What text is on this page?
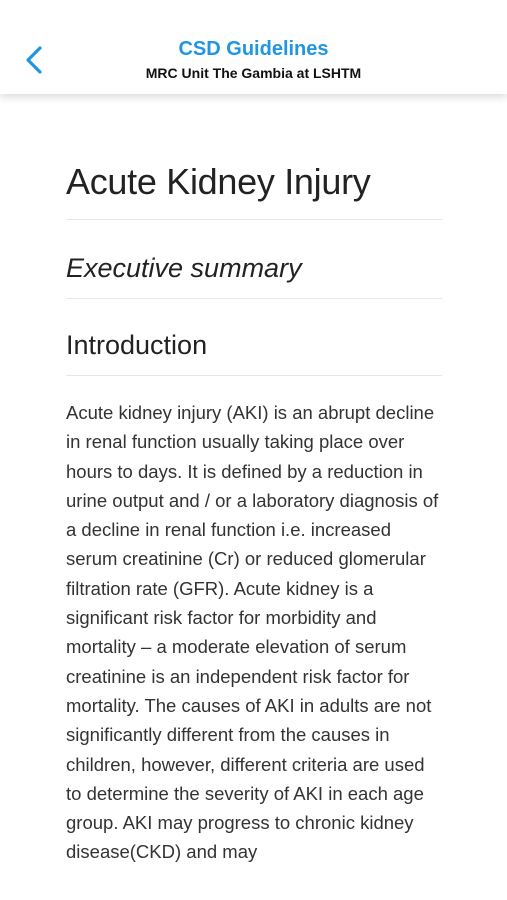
CSD Guidelines
MRC Unit The Gambia at LSHTM
Acute Kidney Injury
Executive summary
Introduction

Acute kidney injury (AKI) is an abrupt decline in renal function usually taking place over hours to days. It is defined by a reduction in urine output and / or a laboratory diagnosis of a decline in renal function i.e. increased serum creatinine (Cr) or reduced glomerular filtration rate (GFR). Acute kidney is a significant risk factor for morbidity and mortality – a moderate elevation of serum creatinine is an independent risk factor for mortality. The causes of AKI in adults are not significantly different from the causes in children, however, different criteria are used to determine the severity of AKI in each age group. AKI may progress to chronic kidney disease(CKD) and may
